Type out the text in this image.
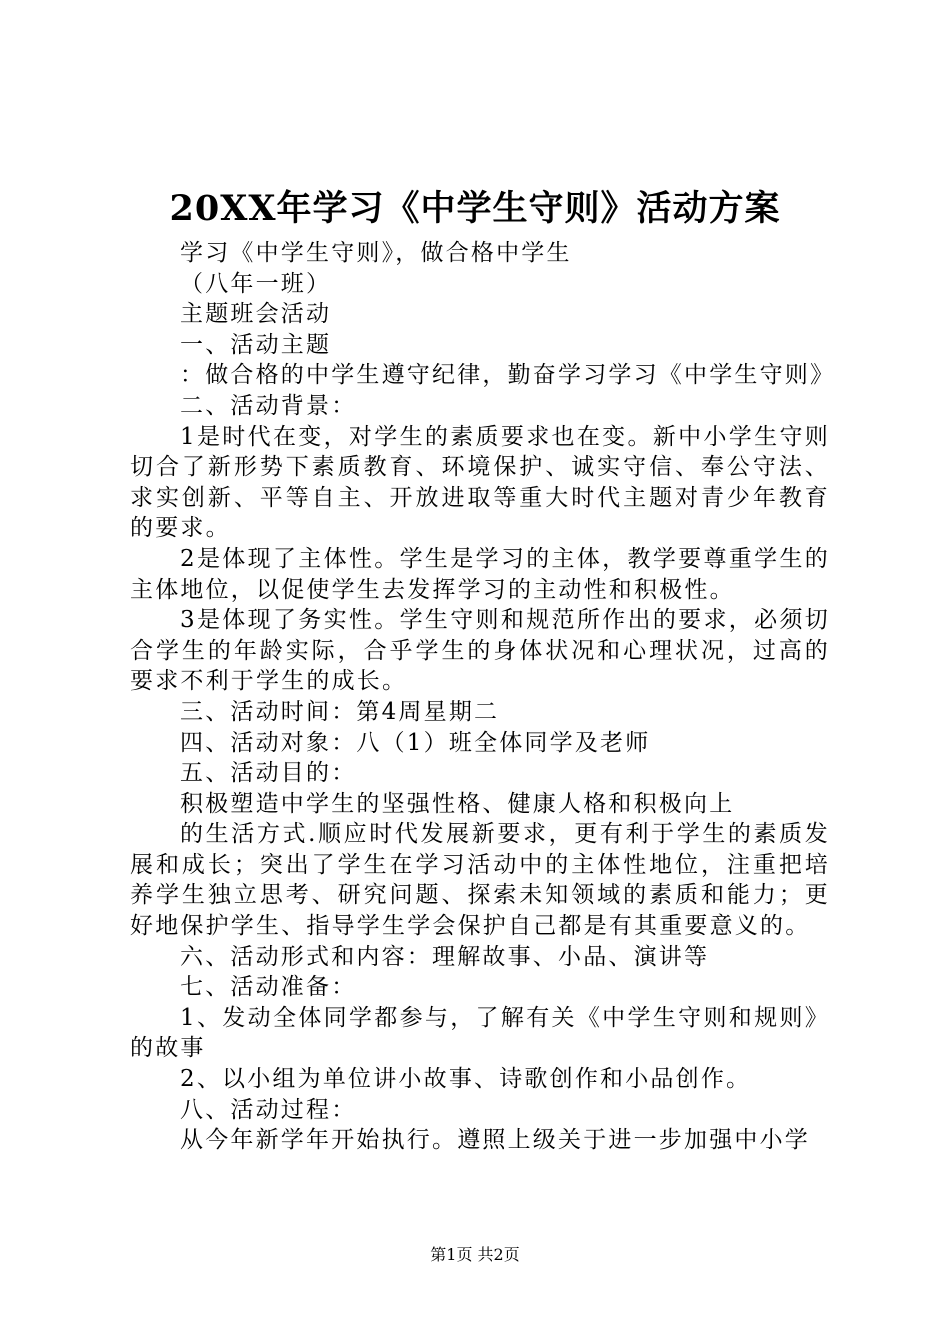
20XX年学习《中学生守则》活动方案

学习《中学生守则》，做合格中学生

（八年一班）

主题班会活动

一、活动主题

：做合格的中学生遵守纪律，勤奋学习学习《中学生守则》

二、活动背景：

1是时代在变，对学生的素质要求也在变。新中小学生守则切合了新形势下素质教育、环境保护、诚实守信、奉公守法、求实创新、平等自主、开放进取等重大时代主题对青少年教育的要求。

2是体现了主体性。学生是学习的主体，教学要尊重学生的主体地位，以促使学生去发挥学习的主动性和积极性。

3是体现了务实性。学生守则和规范所作出的要求，必须切合学生的年龄实际，合乎学生的身体状况和心理状况，过高的要求不利于学生的成长。

三、活动时间：第4周星期二

四、活动对象：八（1）班全体同学及老师

五、活动目的：

积极塑造中学生的坚强性格、健康人格和积极向上

的生活方式.顺应时代发展新要求，更有利于学生的素质发展和成长；突出了学生在学习活动中的主体性地位，注重把培养学生独立思考、研究问题、探索未知领域的素质和能力；更好地保护学生、指导学生学会保护自己都是有其重要意义的。

六、活动形式和内容：理解故事、小品、演讲等

七、活动准备：

1、发动全体同学都参与，了解有关《中学生守则和规则》的故事

2、以小组为单位讲小故事、诗歌创作和小品创作。

八、活动过程：

从今年新学年开始执行。遵照上级关于进一步加强中小学

第1页 共2页
